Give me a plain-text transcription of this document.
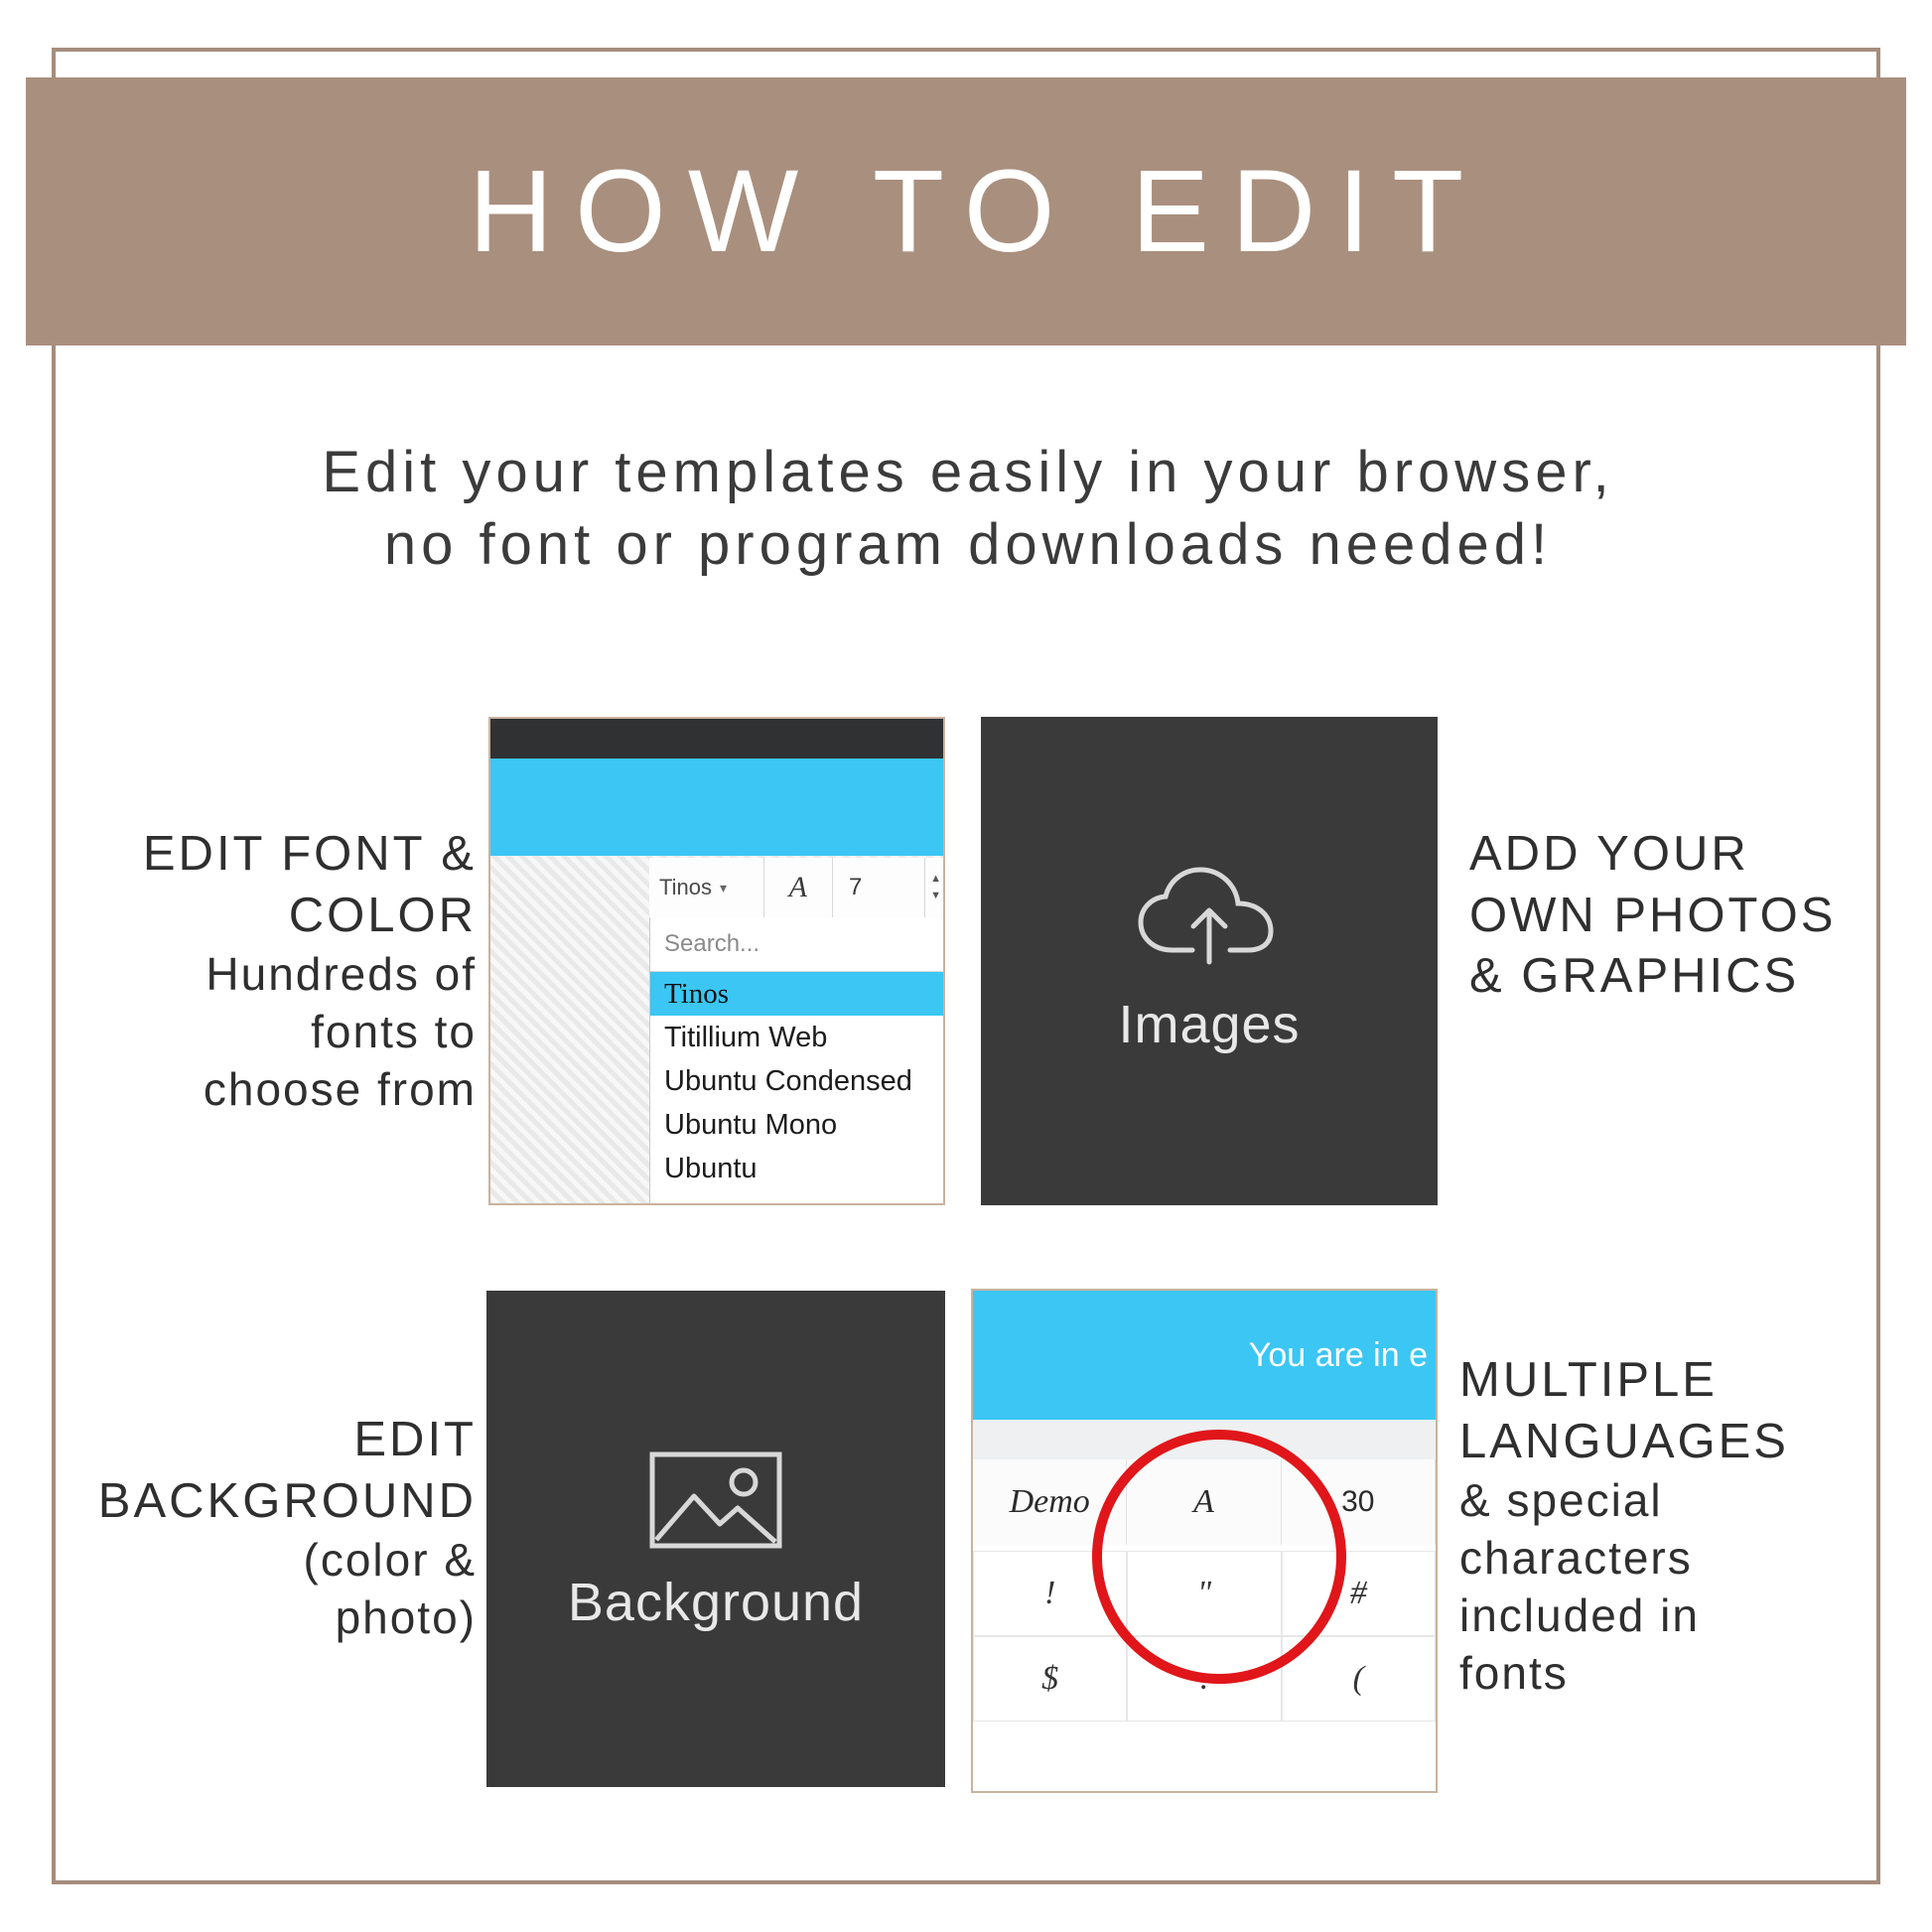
HOW TO EDIT
Edit your templates easily in your browser,
no font or program downloads needed!
EDIT FONT &
COLOR
Hundreds of
fonts to
choose from
ADD YOUR
OWN PHOTOS
& GRAPHICS
EDIT
BACKGROUND
(color &
photo)
MULTIPLE
LANGUAGES
& special
characters
included in
fonts
Tinos ▾	A	7	▲
▼
Search...
Tinos
Titillium Web
Ubuntu Condensed
Ubuntu Mono
Ubuntu
Images
Background
You are in e
Demo	A	30
!	"	#
$	.	(
